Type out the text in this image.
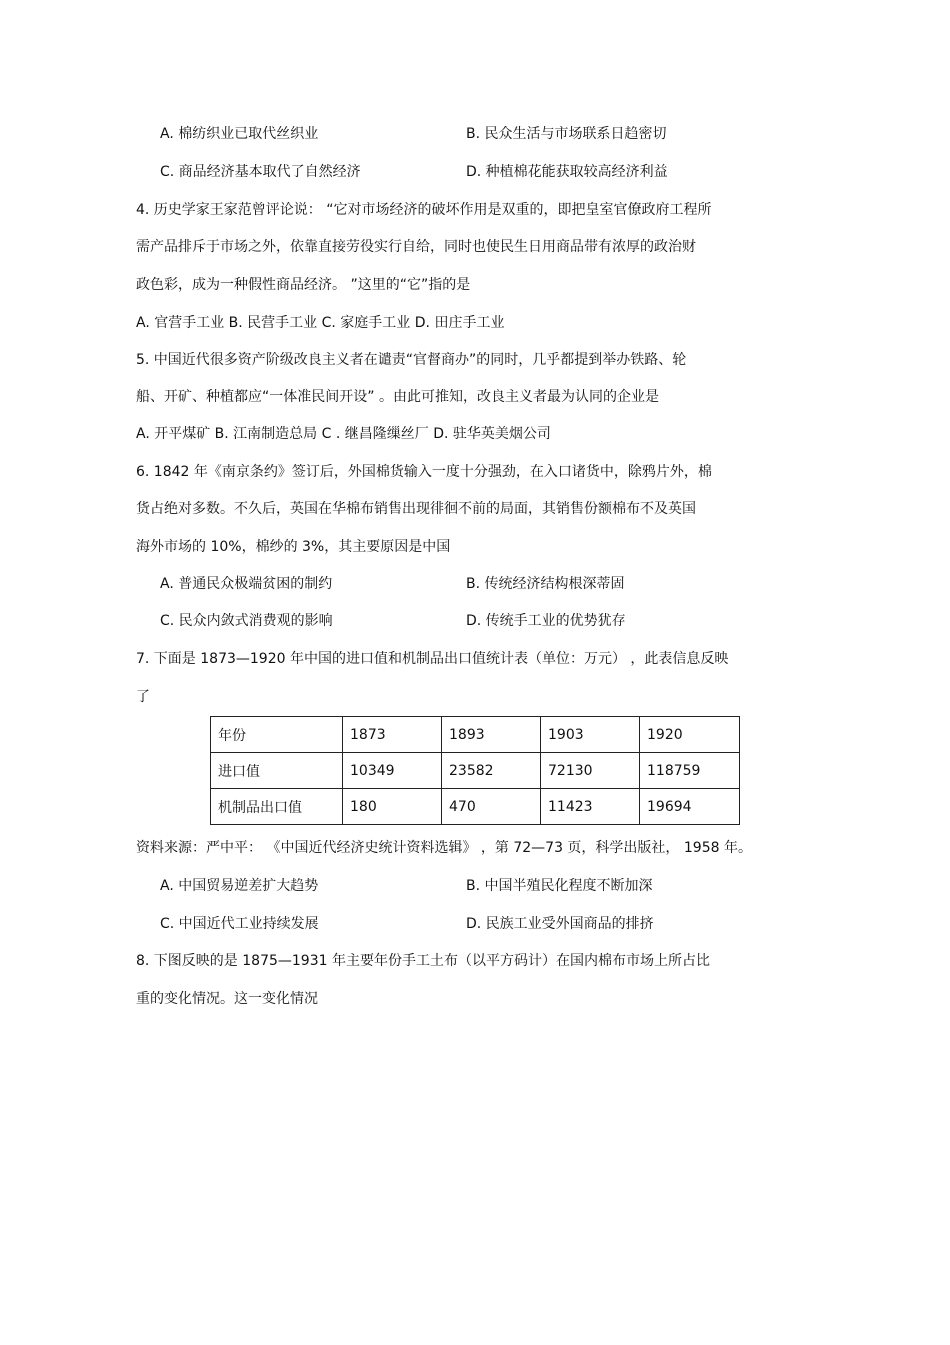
A. 棉纺织业已取代丝织业	B. 民众生活与市场联系日趋密切
C. 商品经济基本取代了自然经济	D. 种植棉花能获取较高经济利益
4. 历史学家王家范曾评论说： “它对市场经济的破坏作用是双重的，即把皇室官僚政府工程所
需产品排斥于市场之外，依靠直接劳役实行自给，同时也使民生日用商品带有浓厚的政治财
政色彩，成为一种假性商品经济。 ”这里的“它”指的是
A. 官营手工业 B. 民营手工业 C. 家庭手工业 D. 田庄手工业
5. 中国近代很多资产阶级改良主义者在谴责“官督商办”的同时，几乎都提到举办铁路、轮
船、开矿、种植都应“一体准民间开设” 。由此可推知，改良主义者最为认同的企业是
A. 开平煤矿 B. 江南制造总局 C . 继昌隆缫丝厂 D. 驻华英美烟公司
6. 1842 年《南京条约》签订后，外国棉货输入一度十分强劲，在入口诸货中，除鸦片外，棉
货占绝对多数。不久后，英国在华棉布销售出现徘徊不前的局面，其销售份额棉布不及英国
海外市场的 10%，棉纱的 3%，其主要原因是中国
A. 普通民众极端贫困的制约	B. 传统经济结构根深蒂固
C. 民众内敛式消费观的影响	D. 传统手工业的优势犹存
7. 下面是 1873—1920 年中国的进口值和机制品出口值统计表（单位：万元） ，此表信息反映
了
年份	1873	1893	1903	1920
进口值	10349	23582	72130	118759
机制品出口值	180	470	11423	19694
资料来源：严中平： 《中国近代经济史统计资料选辑》 ，第 72—73 页，科学出版社， 1958 年。
A. 中国贸易逆差扩大趋势	B. 中国半殖民化程度不断加深
C. 中国近代工业持续发展	D. 民族工业受外国商品的排挤
8. 下图反映的是 1875—1931 年主要年份手工土布（以平方码计）在国内棉布市场上所占比
重的变化情况。这一变化情况
